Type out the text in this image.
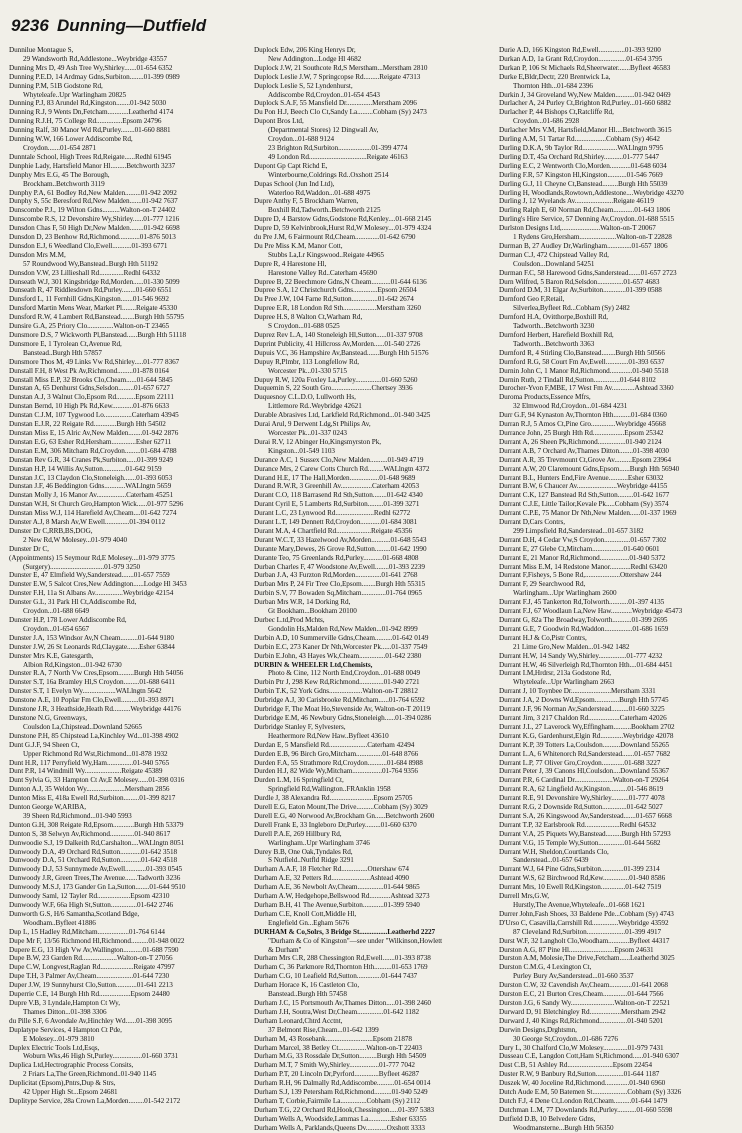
9236 Dunning—Dutfield
Dunnilue Montague S,
29 Wandsworth Rd,Addlestone...Weybridge 43557
Dunning Mrs D, 49 Ash Tree Wy,Shirley.......01-654 6352
Dunning P.E.D, 14 Ardmay Gdns,Surbiton........01-399 0989
Dunning P.M, 51B Godstone Rd,
Whyteleafe..Upr Warlingham 20825
Dunning P.J, 83 Arundel Rd,Kingston........01-942 5030
Dunning R.J, 9 Wents Dn,Fetcham............Leatherhd 4174
Dunning R.J.H, 75 College Rd...............Epsom 24796
Dunning Ralf, 30 Manor Wd Rd,Purley........01-660 8881
Dunning W.W, 166 Lower Addiscombe Rd,
Croydon.......01-654 2871
Dunntale School, High Trees Rd,Reigate......Redhl 61945
Dunphie Lady, Hartsfield Manor Hl.........Betchworth 3237
Dunphy Mrs E.G, 45 The Borough,
Brockham..Betchworth 3119
Dunphy P.A, 61 Bodley Rd,New Malden.........01-942 2092
Dunphy S, 55c Beresford Rd,New Malden.......01-942 7637
Dunscombe P.J., 19 Wilton Gdns..........Walton-on-T 24402
Dunscombe R.S, 12 Devonshire Wy,Shirley......01-777 1216
Dunsdon Chas F, 50 High Dr,New Malden........01-942 6698
Dunsdon D, 23 Benhow Rd,Richmond............01-876 5013
Dunsdon E.J, 6 Weedland Clo,Ewell...........01-393 6771
Dunsdon Mrs M.M,
57 Roundwood Wy,Banstead..Burgh Hth 51192
Dunsdon V.W, 23 Lillieshall Rd..............Redhl 64332
Dunseath W.J, 301 Kingsbridge Rd,Morden......01-330 5099
Dunseath R, 47 Riddlesdown Rd,Purley........01-660 6551
Dunsford L, 11 Fernhill Gdns,Kingston.......01-546 9692
Dunsford Martin Mens Wear, Market Pl........Reigate 45330
Dunsford R.W, 4 Lambert Rd,Banstead........Burgh Hth 55795
Dunsire G.A, 25 Priory Clo...............Walton-on-T 23465
Dunsmore D.S, 7 Wickworth Pl,Banstead......Burgh Hth 51118
Dunsmore E, 1 Tyrolean Ct,Avenue Rd,
Banstead..Burgh Hth 57857
Dunsmore Thos M, 49 Links Vw Rd,Shirley.....01-777 8367
Dunstall F.H, 8 West Pk Av,Richmond.........01-878 0164
Dunstall Miss E.P, 32 Brooks Clo,Cheam......01-644 5845
Dunstan A, 65 Denhurst Gdns,Selsdon.........01-657 6727
Dunstan A.J, 3 Walnut Clo,Epsom Rd...........Epsom 22111
Dunstan Bernd, 10 High Pk Rd,Kew............01-876 6633
Dunstan C.J.M, 107 Tygwood Lo................Caterham 43945
Dunstan E.J.R, 22 Reigate Rd.............Burgh Hth 54502
Dunstan Miss E, 15 Alric Av,New Malden........01-942 2876
Dunstan E.G, 63 Esher Rd,Hersham..............Esher 62711
Dunstan E.M, 306 Mitcham Rd,Croydon.........01-684 4788
Dunstan Rev G.R, 34 Cranes Pk,Surbiton......01-399 9249
Dunstan H.P, 14 Willis Av,Sutton.............01-642 9159
Dunstan J.C, 13 Claydon Clo,Stoneleigh.......01-393 6053
Dunstan J.F, 46 Beddington Gdns............WALlngtn 5659
Dunstan Molly J, 16 Manor Av.................Caterham 45251
Dunstan W.H, St Church Gro,Hampton Wick......01-977 5296
Dunstan Miss W.J, 114 Harefield Av,Cheam....01-642 7274
Dunster A.J, 8 Marsh Av,W Ewell..............01-394 0112
Dunster Dr C,RRB,BS,DOG,
2 New Rd,W Molesey...01-979 4040
Dunster Dr C,
(Appointments) 15 Seymour Rd,E Molesey....01-979 3775
(Surgery)...............................01-979 3250
Dunster E, 47 Elmfield Wy,Sanderstead.......01-657 7559
Dunster E.W, 5 Salcot Cres,New Addington......Lodge Hl 3453
Dunster F.H, 11a St Albans Av................Weybridge 42154
Dunster G.L, 31 Park Hl Ct,Addiscombe Rd,
Croydon...01-688 6649
Dunster H.P, 178 Lower Addiscombe Rd,
Croydon...01-654 6567
Dunster J.A, 153 Windsor Av,N Cheam..........01-644 9180
Dunster J.W, 26 St Leonards Rd,Claygate.......Esher 63844
Dunster Mrs K.E, Gatesgarth,
Albion Rd,Kingston...01-942 6730
Dunster R.A, 7 North Vw Cres,Epsom.........Burgh Hth 54056
Dunster S.T, 16a Bramley Hl,S Croydon.........01-688 6411
Dunster S.T, 1 Evelyn Wy...................WALlngtn 5642
Dunstone A.E, 10 Poplar Fm Clo,Ewell..........01-393 8971
Dunstone J.R, 3 Heathside,Heath Rd..........Weybridge 44176
Dunstone N.G, Greenways,
Coulsdon La,Chipstead..Downland 52665
Dunstone P.H, 85 Chipstead La,Kinchley Wd...01-398 4902
Dunt G.J.F, 94 Sheen Ct,
Upper Richmond Rd Wst,Richmond...01-878 1932
Dunt H.R, 117 Perryfield Wy,Ham...............01-940 5765
Dunt P.R, 14 Windmill Wy.....................Reigate 45389
Dunt Sylvia G, 33 Hampton Ct Av,E Molesey......01-398 0316
Dunton A.J, 35 Weldon Wy......................Merstham 2856
Dunton Miss E, 418a Ewell Rd,Surbiton.........01-399 8217
Dunton George W,ARIBA,
39 Sheen Rd,Richmond...01-940 5993
Dunton G.H, 308 Reigate Rd,Epsom............Burgh Hth 53379
Dunton S, 38 Selwyn Av,Richmond..............01-940 8617
Dunwoodie S.J, 19 Dalkeith Rd,Carshalton....WALlngtn 8051
Dunwoody D.A, 49 Orchard Rd,Sutton............01-642 3518
Dunwoody D.A, 51 Orchard Rd,Sutton............01-642 4518
Dunwoody D.J, 53 Sunnymede Av,Ewell............01-393 0545
Dunwoody J.R, Green Trees,The Avenue.......Tadworth 3236
Dunwoody M.S.J, 173 Gander Gn La,Sutton........01-644 9510
Dunwoody Saml, 12 Tayler Rd...................Epsom 42310
Dunwoody W.F, 66a High St,Sutton...............01-642 2746
Dunworth G.S, H/6 Samantha,Scotland Bdge,
Woodham..Byfleet 41886
Dup L, 15 Hadley Rd,Mitcham..................01-764 6144
Dupe Mr F, 13/56 Richmond Hl,Richmond..........01-948 0022
Dupere E.G, 13 High Vw Av,Wallington...........01-688 7590
Dupe B.W, 23 Garden Rd....................Walton-on-T 27056
Dupe C.W, Longvest,Raglan Rd...................Reigate 47997
Dupe T.H, 3 Palmer Av,Cheam.....................01-644 7230
Duper J.W, 19 Sunnyhurst Clo,Sutton............01-641 2213
Duperrie C.E, 14 Burgh Hth Rd..................Epsom 24480
Dupre V.B, 3 Lyndale,Hampton Ct Wy,
Thames Ditton...01-398 3306
du Pille S.F, 6 Avondale Av,Hinchley Wd......01-398 3095
Duplatype Services, 4 Hampton Ct Pde,
E Molesey...01-979 3810
Duplex Electric Tools Ltd,Esqs,
Woburn Wks,46 High St,Purley.................01-660 3731
Duplica Ltd,Hectrographic Process Consits,
2 Friars La,The Green,Richmond..01-940 1145
Duplicitat (Epsom),Pntrs,Dup & Strs,
42 Upper High St...Epsom 24681
Duplitype Service, 28a Crown La,Morden.........01-542 2172
Duplock Edw, 206 King Henrys Dr,
New Addington...Lodge Hl 4682
Duplock J.W, 21 Southcote Rd,S Merstham...Merstham 2810
Duplock Leslie J.W, 7 Springcopse Rd.........Reigate 47313
Duplock Leslie S, 52 Lyndenhurst,
Addiscombe Rd,Croydon..01-654 4543
Duplock S.A.F, 55 Mansfield Dr...............Merstham 2096
Du Pon H.J, Beech Clo Ct,Sandy La.........Cobham (Sy) 2473
Dupont Bros Ltd,
(Departmental Stores) 12 Dingwall Av,
Croydon...01-688 9124
23 Brighton Rd,Surbiton...................01-399 4774
49 London Rd.................................Reigate 46163
Dupont Gp Capt Richd E,
Winterbourne,Coldrings Rd..Oxshott 2514
Dupas School (Jun Ind Ltd),
Waterloo Rd,Waddon...01-688 4975
Dupre Anthy F, 5 Brockham Warren,
Boxhill Rd,Tadworth..Betchworth 2125
Dupre D, 4 Barstow Gdns,Godstone Rd,Kenley....01-668 2145
Dupre D, 59 Kelvinbrook,Hurst Rd,W Molesey....01-979 4324
du Pre J.M, 6 Fairmount Rd,Cheam..............01-642 6790
Du Pre Miss K.M, Manor Cott,
Stubbs La,Lr Kingswood..Reigate 44965
Dupre R, 4 Harestone Hl,
Harestone Valley Rd..Caterham 45690
Dupree B, 22 Beechmore Gdns,N Cheam...........01-644 6136
Dupree S.A, 12 Christchurch Gdns..............Epsom 26504
Du Pree J.W, 104 Farne Rd,Sutton...............01-642 2674
Dupree E.R, 18 London Rd Sth...................Merstham 3260
Dupree H.S, 8 Walton Ct,Warham Rd,
S Croydon...01-688 0525
Duprez Rev L.A, 140 Stoneleigh Hl,Sutton......01-337 9708
Duprint Publicity, 41 Hillcross Av,Morden......01-540 2726
Dupuis V.C, 36 Hampshire Av,Banstead.......Burgh Hth 51576
Dupuy R,Plmbr, 113 Longfellow Rd,
Worcester Pk...01-330 5715
Dupuy R.W, 120a Foxley La,Purley...............01-660 5260
Duquemin S, 22 South Gro.......................Chertsey 3936
Duquesnoy C.L.D.O, Lullworth Hs,
Littlemore Rd..Weybridge 42621
Durable Abrasives Ltd, Larkfield Rd,Richmond...01-940 3425
Durai Arul, 9 Derwent Ldg,St Philips Av,
Worcester Pk...01-337 0243
Durai R.V, 12 Abinger Ho,Kingsmyrston Pk,
Kingston...01-549 1103
Durance A.C, 1 Sussex Clo,New Malden..........01-949 4719
Durance Mrs, 2 Carew Cotts Church Rd.........WALlngtn 4372
Durand H.E, 17 The Hall,Morden.................01-648 9689
Durand R.W.R, 3 Greenhill Av..................Caterham 42053
Durant C.O, 118 Barrasend Rd Sth,Sutton........01-642 4340
Durant Cyril E, 5 Lamberts Rd,Surbiton.........01-399 3271
Durant L.C, 23 Lynwood Rd......................Redhl 62772
Durant L.T, 149 Dennett Rd,Croydon............01-684 3081
Durant M.A, 4 Chartfield Rd....................Reigate 45356
Durant W.C.T, 33 Hazelwood Av,Morden...........01-648 5543
Durante Mary,Dewes, 26 Grove Rd,Sutton.........01-642 1990
Durante Teo, 75 Greenlands Rd,Purley...........01-668 4808
Durban Charles F, 47 Woodstone Av,Ewell........01-393 2239
Durban J.A, 43 Furzton Rd,Morden...............01-641 2768
Durban Mrs P, 24 Fir Tree Clo,Epsom........Burgh Hth 55315
Durbin S.V, 77 Bowaden Sq,Mitcham..............01-764 0965
Durban Mrs W.R, 14 Dorking Rd,
Gt Bookham...Bookham 20100
Durbec L.td,Prod Mchts,
Gondolin Hs,Malden Rd,New Malden...01-942 8999
Durbin A.D, 10 Summerville Gdns,Cheam..........01-642 0149
Durbin E.C, 273 Kaner Dr Nth,Worcester Pk......01-337 7549
Durbin E.John, 43 Hayes Wk,Cheam...............01-642 2380
DURBIN & WHEELER Ltd,Chemists,
Photo & Cine, 112 North End,Croydon...01-688 0049
Durbin Ptr J, 298 Kew Rd,Richmond..............01-940 2721
Durbin T.K, 52 York Gdns...................Walton-on-T 28812
Durbridge A.J, 30 Carisbrooke Rd,Mitcham......01-764 6592
Durbridge F, The Moat Ho,Stevenside Av, Walton-on-T 20119
Durbridge E.M, 46 Newbury Gdns,Stoneleigh......01-394 0286
Durbridge Stanley F, Sylvesters,
Heathermore Rd,New Haw..Byfleet 43610
Durdan E, 5 Mansfield Rd......................Caterham 42494
Durden E.B, 96 Birch Gro,Mitcham...............01-648 8766
Durden F.A, 55 Strathmore Rd,Croydon...........01-684 8988
Durden H.J, 82 Wide Wy,Mitcham.................01-764 9356
Durden L.M, 16 Springfield Ct,
Springfield Rd,Wallington..FRAnklin 1958
Durdle J, 38 Alexandra Rd.........................Epsom 25705
Durell E.G, Eaton Mount,The Drive..........Cobham (Sy) 3029
Durell E.G, 40 Norwood Av,Brockham Gn......Betchworth 2600
Durell Frank E, 33 Ingleboro Dr,Purley.........01-660 6370
Durell P.A.E, 269 Hillbury Rd,
Warlingham..Upr Warlingham 3746
Durey B.B, One Oak,Tyndales Rd,
S Nutfield..Nutfld Ridge 3291
Durham A.A.F, 18 Fletcher Rd...............Ottershaw 674
Durham A.E, 32 Petters Rd......................Ashtead 4090
Durham A.E, 36 Newbolt Av,Cheam...............01-644 9865
Durham A.W, Hedgehope,Bellswood Rd............Ashtead 3273
Durham B.H, 41 The Avenue,Surbiton............01-399 5940
Durham C.E, Knoll Cott,Middle Hl,
Englefield Gn...Egham 5676
DURHAM & Co,Solrs, 3 Bridge St................Leatherhd 2227
"Durham & Co of Kingston"—see under "Wilkinson,Howlett
& Durham"
Durham Mrs C.R, 288 Chessington Rd,Ewell.......01-393 8738
Durham C, 36 Parkmore Rd,Thornton Hth..........01-653 1769
Durham C.G, 10 Leafield Rd,Sutton..............01-644 7437
Durham Horace K, 16 Castleton Clo,
Banstead..Burgh Hth 57458
Durham J.C, 15 Portsmouth Av,Thames Ditton.....01-398 2460
Durham J.H, Soutra,West Dr,Cheam...............01-642 1182
Durham Leonard,Chtrd Acctnt,
37 Belmont Rise,Cheam...01-642 1399
Durham M, 43 Rosebank...........................Epsom 21878
Durham Marcel, 38 Betley Ct................Walton-on-T 22403
Durham M.G, 33 Rossdale Dr,Sutton..........Burgh Hth 54509
Durham M.T, 7 Smith Wy,Shirley.................01-777 7042
Durham P.T, 20 Lincoln Dr,Pyrford..............Byfleet 46287
Durham R.H, 96 Dalmally Rd,Addiscombe..........01-654 0014
Durham S.J, 139 Petersham Rd,Richmond..........01-940 5249
Durham T, Corbie,Fairmile La...............Cobham (Sy) 2112
Durham T.G, 22 Orchard Rd,Hook,Chessington.....01-397 5383
Durham Wells A, Woodside,Lammas La.............Esher 63355
Durham Wells A, Parklands,Queens Dv............Oxshott 3333
Durie A.D, 166 Kingston Rd,Ewell...............01-393 9200
Durkan A.D, 1a Grant Rd,Croydon................01-654 3795
Durkan P, 106 St Michaels Rd,Sheerwater.......Byfleet 46583
Durke E,Bldr,Dectr, 220 Brentwick La,
Thornton Hth...01-684 2396
Durkin J, 34 Groveland Wy,New Malden...........01-942 0469
Durlacher A, 24 Purley Ct,Brighton Rd,Purley...01-660 6882
Durlacher P, 44 Bishops Ct,Ratcliffe Rd,
Croydon...01-686 2928
Durlacher Mrs V.M, Hartsfield,Manor Hl....Betchworth 3615
Durling A.M, 51 Tartar Rd..................Cobham (Sy) 4642
Durling D.K.A, 9b Taylor Rd....................WALlngtn 9795
Durling D.T, 45a Orchard Rd,Shirley...........01-777 5447
Durling E.C, 2 Wentworth Clo,Morden............01-648 6034
Durling F.R, 57 Kingston Hl,Kingston...........01-546 7669
Durling G.J, 11 Cheyne Ct,Banstead.........Burgh Hth 55039
Durling H, Woodlands,Rowtown,Addlestone....Weybridge 43270
Durling J, 12 Wyelands Av......................Reigate 46119
Durling Ralph E, 60 Norman Rd,Cheam............01-643 1806
Durling's Hire Service, 57 Denning Av,Croydon..01-688 5515
Durlston Designs Ltd,......................Walton-on-T 20067
1 Rydens Gro,Hersham.....................Walton-on-T 22828
Durman B, 27 Audley Dr,Warlingham..............01-657 1806
Durman C.J, 472 Chipstead Valley Rd,
Coulsdon...Downland 54251
Durman F.C, 58 Harewood Gdns,Sanderstead.......01-657 2723
Durn Wilfred, 5 Baron Rd,Selsdon...............01-657 4683
Durnford D.M, 31 Elgar Av,Surbiton.............01-399 0588
Durnford Geo F,Retail,
Silverlea,Byfleet Rd...Cobham (Sy) 2482
Durnford H.A, Ovitthorpe,Boxhill Rd,
Tadworth...Betchworth 3230
Durnford Herbert, Harefield Boxhill Rd,
Tadworth...Betchworth 3363
Durnford R, 4 Stirling Clo,Banstead........Burgh Hth 50566
Durnford R.G, 58 Court Fm Av,Ewell.............01-393 6537
Durnin John C, 1 Manor Rd,Richmond.............01-940 5518
Durnin Ruth, 2 Tindall Rd,Sutton...............01-644 8102
Durocher-Yvon F,MBE, 17 West Fm Av.............Ashtead 3360
Duroma Products,Essence Mfrs,
32 Elmwood Rd,Croydon...01-684 4231
Durr G.F, 94 Kynaston Av,Thornton Hth..........01-684 0360
Durran R.J, 5 Amos Ct,Pine Gro..............Weybridge 45668
Durrance John, 25 Burgh Hth Rd..................Epsom 25342
Durrant A, 26 Sheen Pk,Richmond................01-940 2124
Durrant A.B, 7 Orchard Av,Thames Ditton........01-398 4030
Durrant A.R, 35 Trevmount Ct,Grove Av..........Epsom 23964
Durrant A.W, 20 Claremount Gdns,Epsom......Burgh Hth 56940
Durrant B.L, Hunters End,Fire Avenue...........Esher 63032
Durrant B.W, 6 Chaucer Av.......................Weybridge 44155
Durrant C.K, 127 Banstead Rd Sth,Sutton.........01-642 1677
Durrant C.J.E, Little Tailor,Kevale Pk.....Cobham (Sy) 3574
Durrant C.P.E, 75 Manor Dr Nth,New Malden......01-337 1969
Durrant D,Cars Contrs,
299 Limpsfield Rd,Sanderstead...01-657 3182
Durrant D.H, 4 Cedar Vw,S Croydon...............01-657 7302
Durrant E, 27 Glebe Ct,Mitcham..................01-640 0601
Durrant E, 21 Manor Rd,Richmond.................01-940 5372
Durrant Miss E.M, 14 Redstone Manor............Redhl 63420
Durrant F,Fisheys, 5 Bone Rd,....................Ottershaw 244
Durrant F, 29 Searchwood Rd,
Warlingham...Upr Warlingham 2600
Durrant F.J, 45 Tankerton Rd,Tolworth...........01-397 4135
Durrant F.J, 67 Woodlaun La,New Haw............Weybridge 45473
Durrant G, 82a The Broadway,Tolworth...........01-399 2695
Durrant G.E, 7 Goodwin Rd,Waddon................01-686 1659
Durrant H.J & Co,Pistr Contrs,
21 Lime Gro,New Malden...01-942 1482
Durrant H.W, 14 Sandy Wy,Shirley................01-777 4232
Durrant H.W, 46 Silverleigh Rd,Thornton Hth....01-684 4451
Durrant I.M,Hrdrsr, 213a Godstone Rd,
Whyteleafe...Upr Warlingham 2663
Durrant J, 10 Toynbee Dr.......................Merstham 3331
Durrant J.A, 2 Downs Wd,Epsom..............Burgh Hth 57745
Durrant J.F, 96 Norman Av,Sanderstead..........01-660 3225
Durrant Jim, 3 217 Chaldon Rd..................Caterham 42026
Durrant J.L, 27 Laverock Wy,Effingham..........Bookham 2702
Durrant K.G, Gardenhurst,Elgin Rd.............Weybridge 42078
Durrant K.P, 39 Totters La,Coulsdon..........Downland 55265
Durrant L.A, 6 Whitenorch Rd,Sanderstead.......01-657 7682
Durrant L.P, 77 Oliver Gro,Croydon.............01-688 3227
Durrant Peter J, 39 Canons Hl,Coulsdon....Downland 55367
Durrant P.R, 6 Cardinal Dr......................Walton-on-T 29264
Durrant R.A, 62 Lingfield Av,Kingston..........01-546 8619
Durrant R.E, 91 Devonshire Wy,Shirley..........01-777 4078
Durrant R.G, 2 Downside Rd,Sutton..............01-642 5027
Durrant S.A, 26 Kingswood Av,Sanderstead.......01-657 6668
Durrant T.P, 32 Earlsbrook Rd....................Redhl 64532
Durrant V.A, 25 Piquets Wy,Banstead.........Burgh Hth 57293
Durrant V.G, 15 Temple Wy,Sutton...............01-644 5682
Durrant W.H, Sheldon,Courtlands Clo,
Sanderstead...01-657 6439
Durrant W.J, 64 Pine Gdns,Surbiton.............01-399 2314
Durrant W.S, 62 Birchwood Rd,Kew...............01-940 8586
Durrant Mrs, 10 Ewell Rd,Kingston..............01-642 7519
Durrell Mrs,G.W,
Hurstly,The Avenue,Whyteleafe...01-668 1621
Durrer John,Fash Shoes, 33 Baldene Pde...Cobham (Sy) 4743
D'Urso C, Casavilla,Carrshill Rd...............Weybridge 43592
87 Cleveland Rd,Surbiton......................01-399 4917
Durst W.F, 32 Langholt Clo,Woodham............Byfleet 44317
Durston A.G, 87 Pine Hl..........................Epsom 24631
Durston A.M, Molesie,The Drive,Fetcham......Leatherhd 3025
Durston C.M.G, 4 Lexington Ct,
Purley Bury Av,Sanderstead...01-660 3537
Durston C.W, 32 Cavendish Av,Cheam.............01-641 2068
Durston E.C, 21 Burton Cres,Cheam..............01-644 7566
Durston J.G, 6 Sandy Wy.........................Walton-on-T 22521
Durward D, 91 Bletchingley Rd..................Merstham 2942
Durward J, 40 Kings Rd,Richmond................01-940 5201
Durwin Designs,Drghtsmn,
30 George St,Croydon...01-686 7276
Dury L, 30 Chalford Clo,W Molesey..............01-979 7431
Dusseau C.E, Langdon Cott,Ham St,Richmond......01-940 6307
Dust C.B, 51 Ashley Rd..........................Epsom 22454
Duster R.W, 9 Banbury Rd,Sutton................01-644 1187
Duszek W, 40 Joceline Rd,Richmond..............01-940 6960
Dutch Aude E.M, 50 Batemen St....................Cobham (Sy) 3326
Dutch F.J, 4 Dene Ct,London Rd,Cheam..........01-644 1479
Dutchman L.M, 77 Downlands Rd,Purley...........01-660 5598
Dutfield D.B, 10 Belvedere Gdns,
Woodmansterne...Burgh Hth 56350
